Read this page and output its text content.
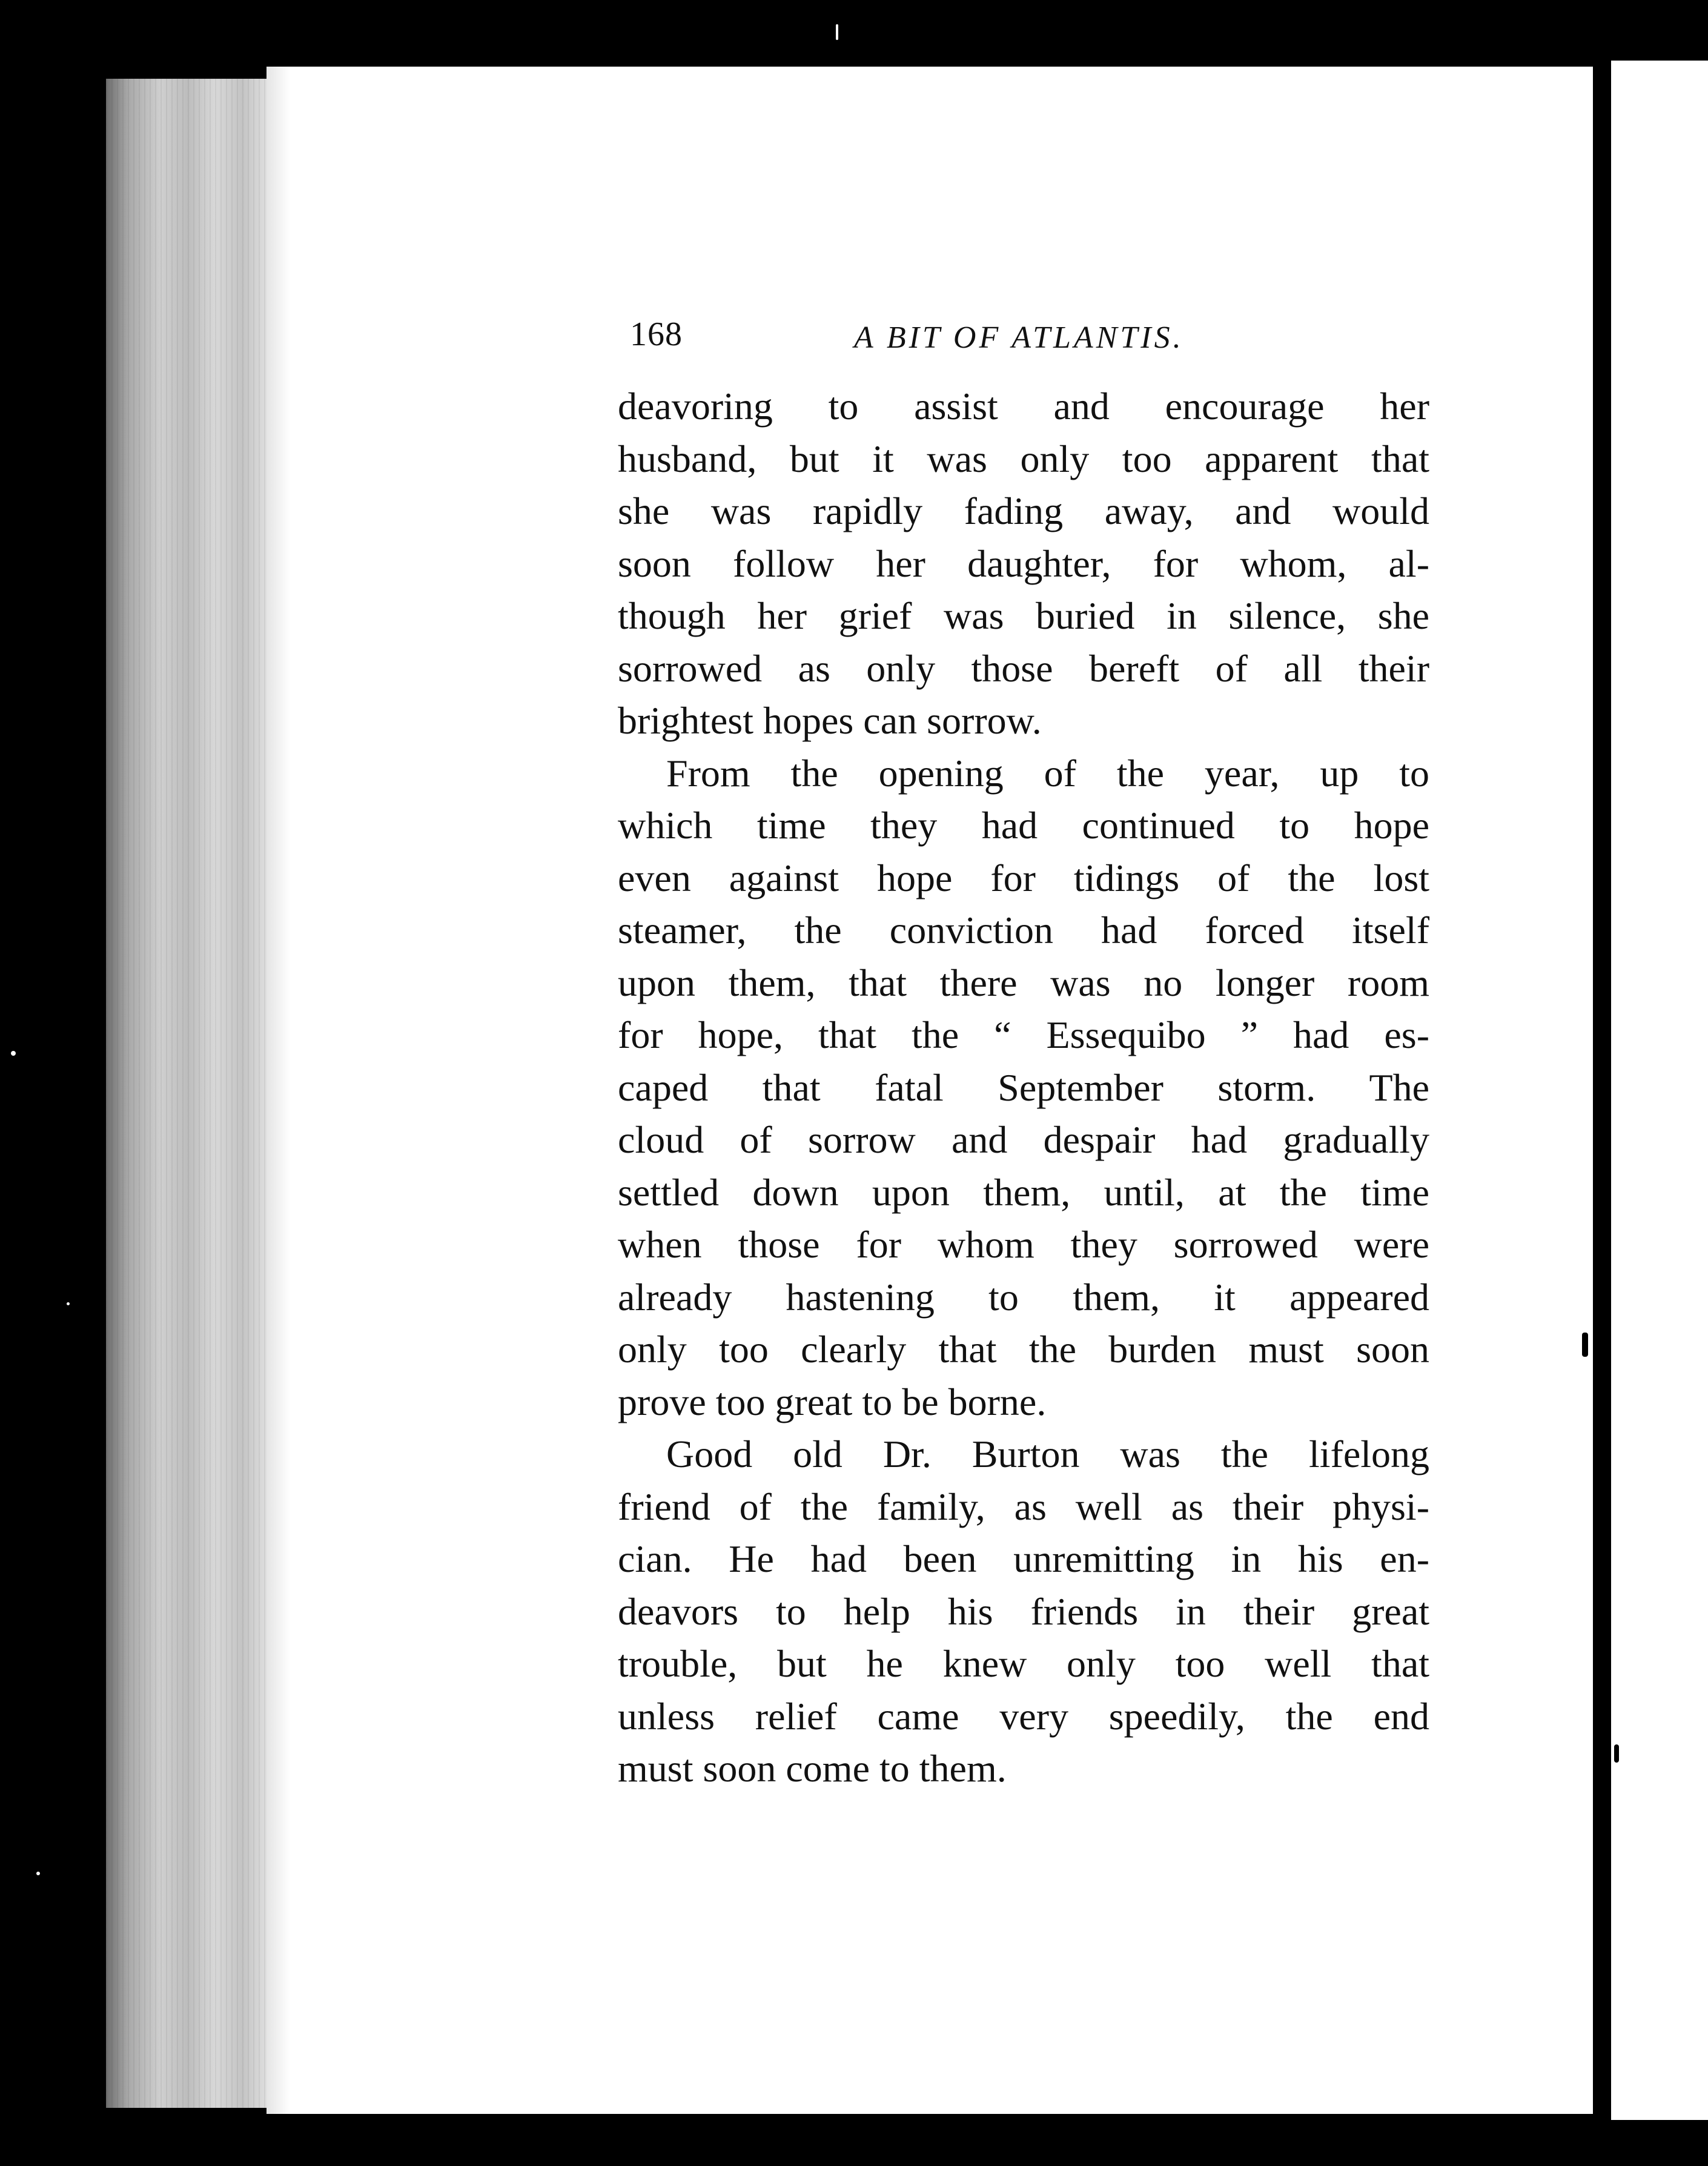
168	A BIT OF ATLANTIS.
deavoring to assist and encourage her
husband, but it was only too apparent that
she was rapidly fading away, and would
soon follow her daughter, for whom, al-
though her grief was buried in silence, she
sorrowed as only those bereft of all their
brightest hopes can sorrow.
From the opening of the year, up to
which time they had continued to hope
even against hope for tidings of the lost
steamer, the conviction had forced itself
upon them, that there was no longer room
for hope, that the “ Essequibo ” had es-
caped that fatal September storm. The
cloud of sorrow and despair had gradually
settled down upon them, until, at the time
when those for whom they sorrowed were
already hastening to them, it appeared
only too clearly that the burden must soon
prove too great to be borne.
Good old Dr. Burton was the lifelong
friend of the family, as well as their physi-
cian. He had been unremitting in his en-
deavors to help his friends in their great
trouble, but he knew only too well that
unless relief came very speedily, the end
must soon come to them.
